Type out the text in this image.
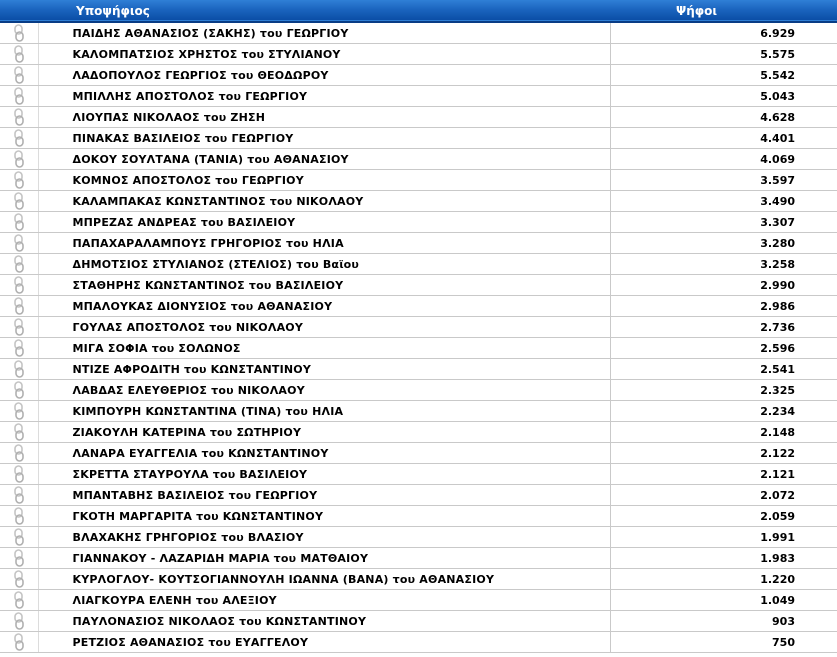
	Υποψήφιος	Ψήφοι

	ΠΑΙΔΗΣ ΑΘΑΝΑΣΙΟΣ (ΣΑΚΗΣ) του ΓΕΩΡΓΙΟΥ	6.929

	ΚΑΛΟΜΠΑΤΣΙΟΣ ΧΡΗΣΤΟΣ του ΣΤΥΛΙΑΝΟΥ	5.575

	ΛΑΔΟΠΟΥΛΟΣ ΓΕΩΡΓΙΟΣ του ΘΕΟΔΩΡΟΥ	5.542

	ΜΠΙΛΛΗΣ ΑΠΟΣΤΟΛΟΣ του ΓΕΩΡΓΙΟΥ	5.043

	ΛΙΟΥΠΑΣ ΝΙΚΟΛΑΟΣ του ΖΗΣΗ	4.628

	ΠΙΝΑΚΑΣ ΒΑΣΙΛΕΙΟΣ του ΓΕΩΡΓΙΟΥ	4.401

	ΔΟΚΟΥ ΣΟΥΛΤΑΝΑ (ΤΑΝΙΑ) του ΑΘΑΝΑΣΙΟΥ	4.069

	ΚΟΜΝΟΣ ΑΠΟΣΤΟΛΟΣ του ΓΕΩΡΓΙΟΥ	3.597

	ΚΑΛΑΜΠΑΚΑΣ ΚΩΝΣΤΑΝΤΙΝΟΣ του ΝΙΚΟΛΑΟΥ	3.490

	ΜΠΡΕΖΑΣ ΑΝΔΡΕΑΣ του ΒΑΣΙΛΕΙΟΥ	3.307

	ΠΑΠΑΧΑΡΑΛΑΜΠΟΥΣ ΓΡΗΓΟΡΙΟΣ του ΗΛΙΑ	3.280

	ΔΗΜΟΤΣΙΟΣ ΣΤΥΛΙΑΝΟΣ (ΣΤΕΛΙΟΣ) του Βαϊου	3.258

	ΣΤΑΘΗΡΗΣ ΚΩΝΣΤΑΝΤΙΝΟΣ του ΒΑΣΙΛΕΙΟΥ	2.990

	ΜΠΑΛΟΥΚΑΣ ΔΙΟΝΥΣΙΟΣ του ΑΘΑΝΑΣΙΟΥ	2.986

	ΓΟΥΛΑΣ ΑΠΟΣΤΟΛΟΣ του ΝΙΚΟΛΑΟΥ	2.736

	ΜΙΓΑ ΣΟΦΙΑ του ΣΟΛΩΝΟΣ	2.596

	ΝΤΙΖΕ ΑΦΡΟΔΙΤΗ του ΚΩΝΣΤΑΝΤΙΝΟΥ	2.541

	ΛΑΒΔΑΣ ΕΛΕΥΘΕΡΙΟΣ του ΝΙΚΟΛΑΟΥ	2.325

	ΚΙΜΠΟΥΡΗ ΚΩΝΣΤΑΝΤΙΝΑ (ΤΙΝΑ) του ΗΛΙΑ	2.234

	ΖΙΑΚΟΥΛΗ ΚΑΤΕΡΙΝΑ του ΣΩΤΗΡΙΟΥ	2.148

	ΛΑΝΑΡΑ ΕΥΑΓΓΕΛΙΑ του ΚΩΝΣΤΑΝΤΙΝΟΥ	2.122

	ΣΚΡΕΤΤΑ ΣΤΑΥΡΟΥΛΑ του ΒΑΣΙΛΕΙΟΥ	2.121

	ΜΠΑΝΤΑΒΗΣ ΒΑΣΙΛΕΙΟΣ του ΓΕΩΡΓΙΟΥ	2.072

	ΓΚΟΤΗ ΜΑΡΓΑΡΙΤΑ του ΚΩΝΣΤΑΝΤΙΝΟΥ	2.059

	ΒΛΑΧΑΚΗΣ ΓΡΗΓΟΡΙΟΣ του ΒΛΑΣΙΟΥ	1.991

	ΓΙΑΝΝΑΚΟΥ - ΛΑΖΑΡΙΔΗ ΜΑΡΙΑ του ΜΑΤΘΑΙΟΥ	1.983

	ΚΥΡΛΟΓΛΟΥ- ΚΟΥΤΣΟΓΙΑΝΝΟΥΛΗ ΙΩΑΝΝΑ (ΒΑΝΑ) του ΑΘΑΝΑΣΙΟΥ	1.220

	ΛΙΑΓΚΟΥΡΑ ΕΛΕΝΗ του ΑΛΕΞΙΟΥ	1.049

	ΠΑΥΛΟΝΑΣΙΟΣ ΝΙΚΟΛΑΟΣ του ΚΩΝΣΤΑΝΤΙΝΟΥ	903

	ΡΕΤΖΙΟΣ ΑΘΑΝΑΣΙΟΣ του ΕΥΑΓΓΕΛΟΥ	750
